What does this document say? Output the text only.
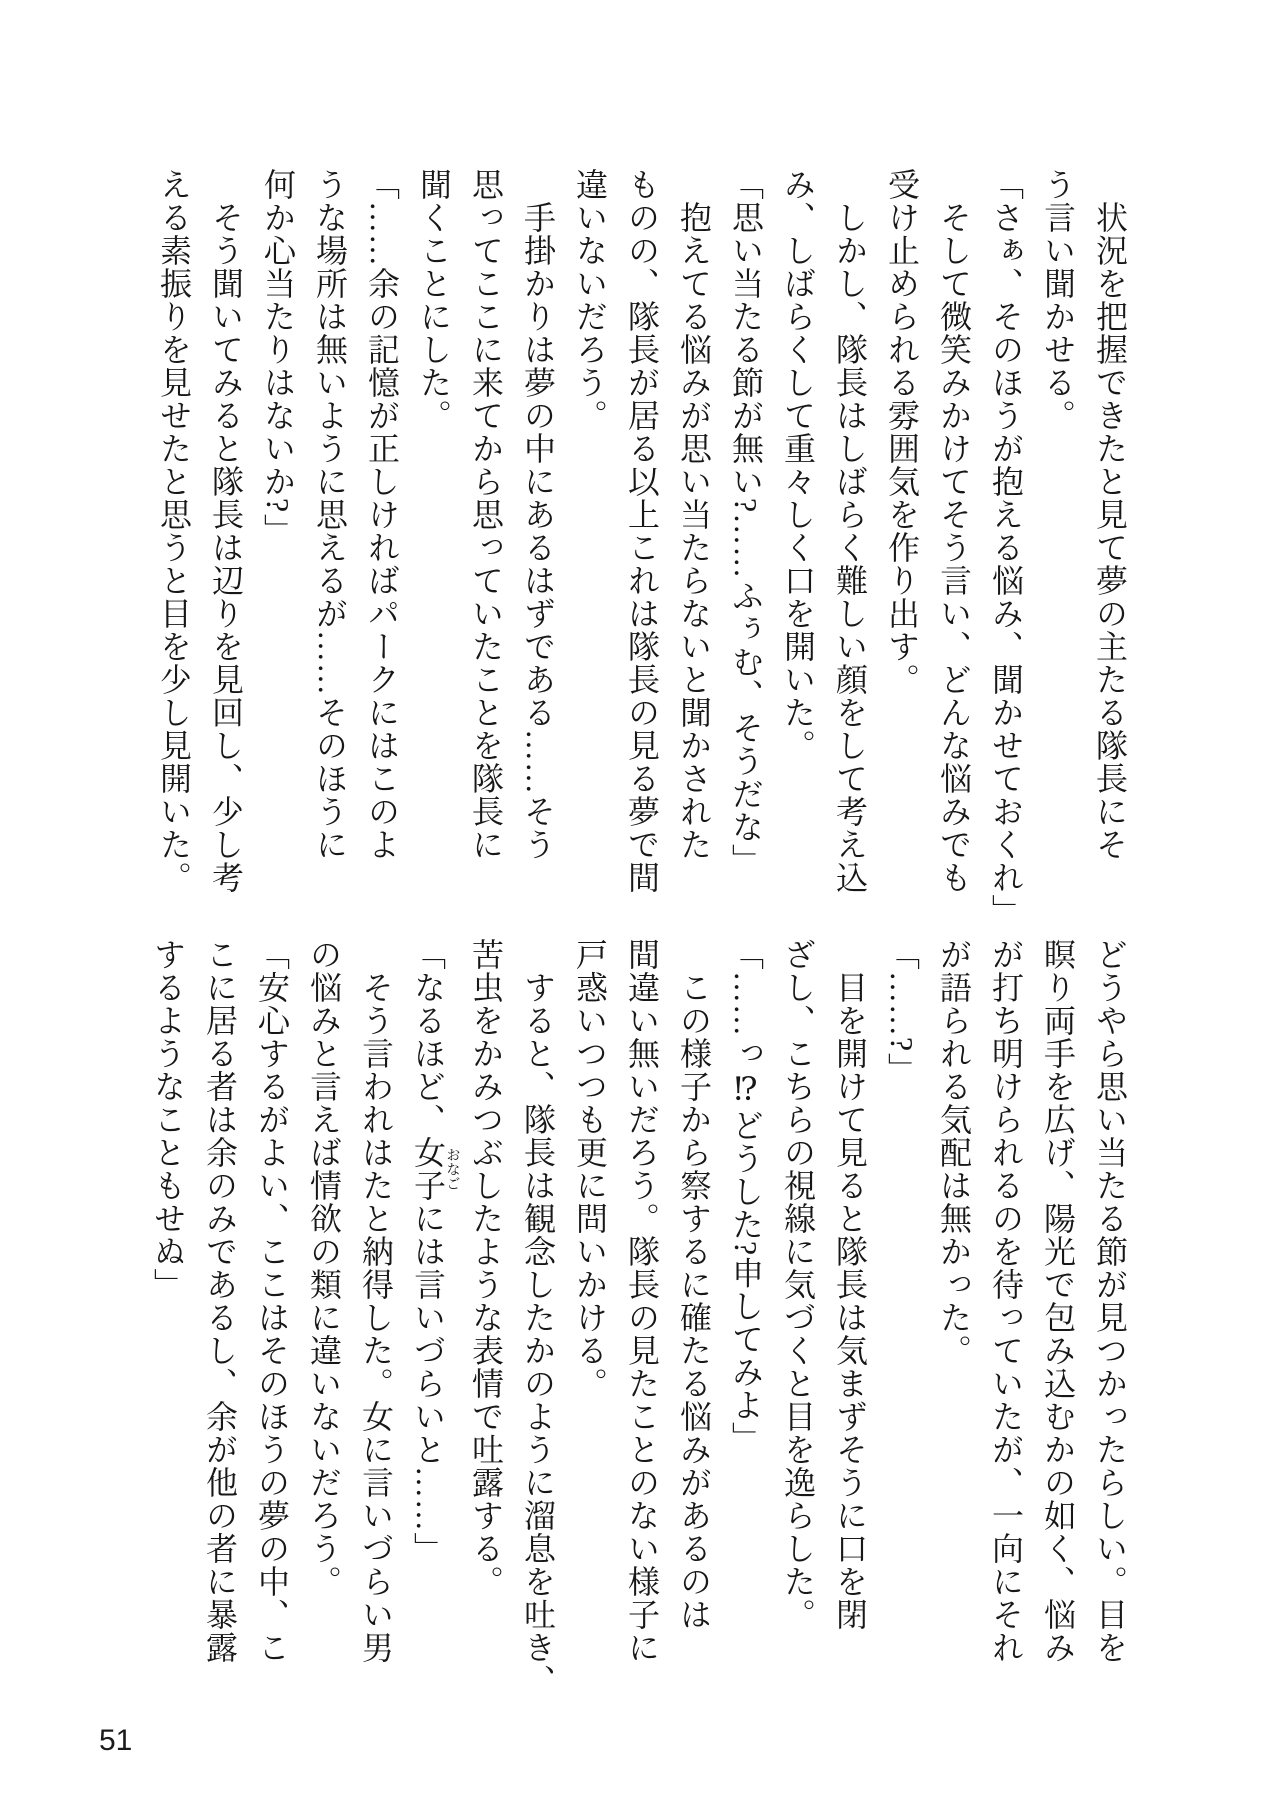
状況を把握できたと見て夢の主たる隊長にそ
う言い聞かせる。
「さぁ、そのほうが抱える悩み、聞かせておくれ」
そして微笑みかけてそう言い、どんな悩みでも
受け止められる雰囲気を作り出す。
しかし、隊長はしばらく難しい顔をして考え込
み、しばらくして重々しく口を開いた。
「思い当たる節が無い?……ふぅむ、そうだな」
抱えてる悩みが思い当たらないと聞かされた
ものの、隊長が居る以上これは隊長の見る夢で間
違いないだろう。
手掛かりは夢の中にあるはずである……そう
思ってここに来てから思っていたことを隊長に
聞くことにした。
「……余の記憶が正しければパークにはこのよ
うな場所は無いように思えるが……そのほうに
何か心当たりはないか?」
そう聞いてみると隊長は辺りを見回し、少し考
える素振りを見せたと思うと目を少し見開いた。
どうやら思い当たる節が見つかったらしい。目を
瞑り両手を広げ、陽光で包み込むかの如く、悩み
が打ち明けられるのを待っていたが、一向にそれ
が語られる気配は無かった。
「……?」
目を開けて見ると隊長は気まずそうに口を閉
ざし、こちらの視線に気づくと目を逸らした。
「……っ⁉どうした?申してみよ」
この様子から察するに確たる悩みがあるのは
間違い無いだろう。隊長の見たことのない様子に
戸惑いつつも更に問いかける。
すると、隊長は観念したかのように溜息を吐き、
苦虫をかみつぶしたような表情で吐露する。
「なるほど、女子おなごには言いづらいと……」
そう言われはたと納得した。女に言いづらい男
の悩みと言えば情欲の類に違いないだろう。
「安心するがよい、ここはそのほうの夢の中、こ
こに居る者は余のみであるし、余が他の者に暴露
するようなこともせぬ」
51
